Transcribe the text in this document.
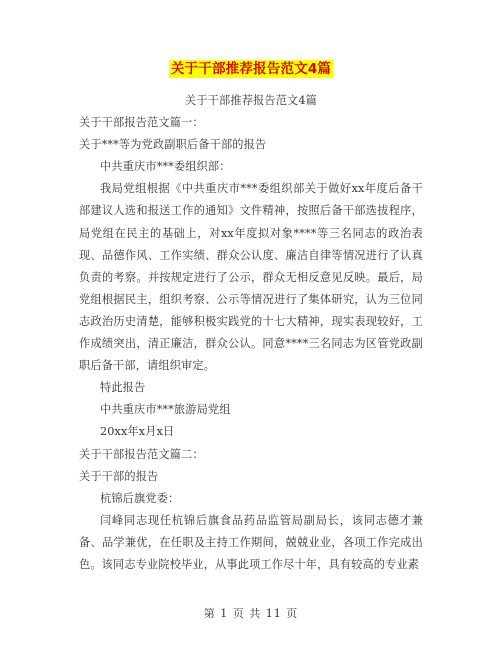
关于干部推荐报告范文4篇
关于干部推荐报告范文4篇
关于干部报告范文篇一：
关于***等为党政副职后备干部的报告
中共重庆市***委组织部：
我局党组根据《中共重庆市***委组织部关于做好xx年度后备干部建议人选和报送工作的通知》文件精神，按照后备干部选拔程序，局党组在民主的基础上，对xx年度拟对象****等三名同志的政治表现、品德作风、工作实绩、群众公认度、廉洁自律等情况进行了认真负责的考察。并按规定进行了公示，群众无相反意见反映。最后，局党组根据民主，组织考察、公示等情况进行了集体研究，认为三位同志政治历史清楚，能够积极实践党的十七大精神，现实表现较好，工作成绩突出，清正廉洁，群众公认。同意****三名同志为区管党政副职后备干部，请组织审定。
特此报告
中共重庆市***旅游局党组
20xx年x月x日
关于干部报告范文篇二：
关于干部的报告
杭锦后旗党委：
闫峰同志现任杭锦后旗食品药品监管局副局长，该同志德才兼备、品学兼优，在任职及主持工作期间，兢兢业业，各项工作完成出色。该同志专业院校毕业，从事此项工作尽十年，具有较高的专业素
第 1 页 共 11 页
